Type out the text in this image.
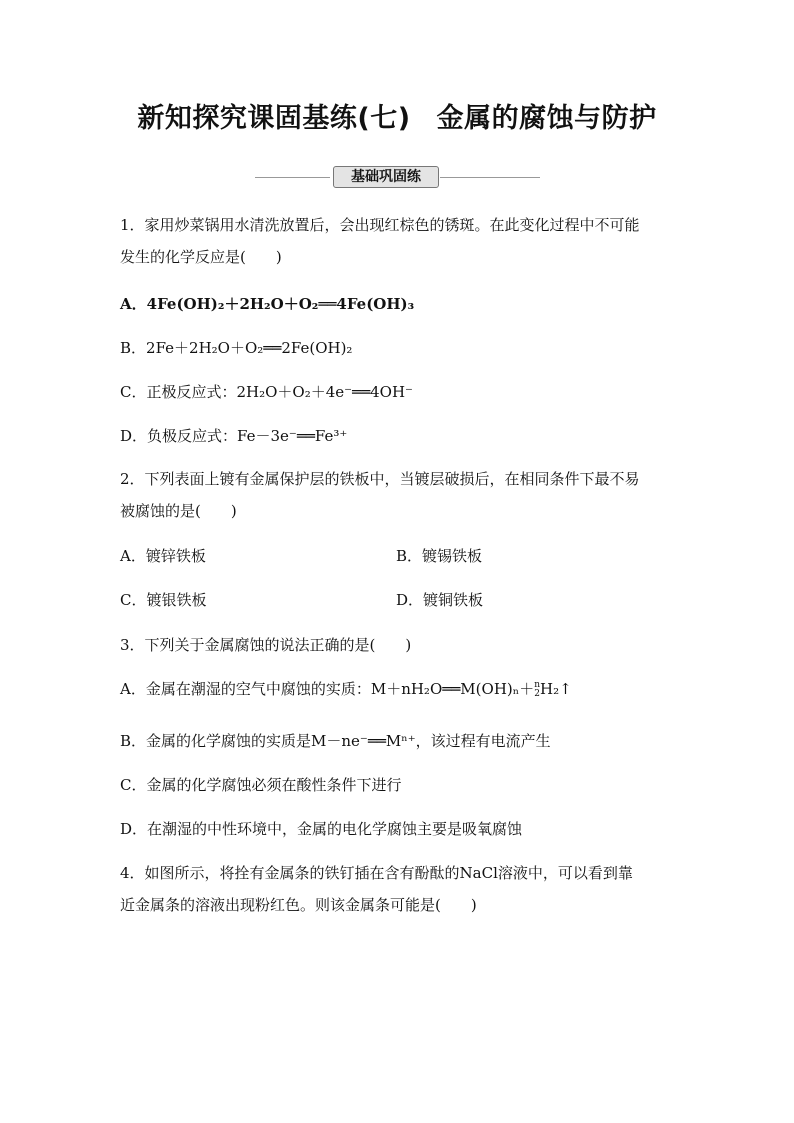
新知探究课固基练(七) 金属的腐蚀与防护
基础巩固练
1．家用炒菜锅用水清洗放置后，会出现红棕色的锈斑。在此变化过程中不可能
发生的化学反应是( )
A．4Fe(OH)₂＋2H₂O＋O₂══4Fe(OH)₃
B．2Fe＋2H₂O＋O₂══2Fe(OH)₂
C．正极反应式：2H₂O＋O₂＋4e⁻══4OH⁻
D．负极反应式：Fe－3e⁻══Fe³⁺
2．下列表面上镀有金属保护层的铁板中，当镀层破损后，在相同条件下最不易
被腐蚀的是( )
A．镀锌铁板	B．镀锡铁板
C．镀银铁板	D．镀铜铁板
3．下列关于金属腐蚀的说法正确的是( )
A．金属在潮湿的空气中腐蚀的实质：M＋nH₂O══M(OH)ₙ＋ n
2 H₂↑
B．金属的化学腐蚀的实质是M－ne⁻══Mⁿ⁺，该过程有电流产生
C．金属的化学腐蚀必须在酸性条件下进行
D．在潮湿的中性环境中，金属的电化学腐蚀主要是吸氧腐蚀
4．如图所示，将拴有金属条的铁钉插在含有酚酞的NaCl溶液中，可以看到靠
近金属条的溶液出现粉红色。则该金属条可能是( )
